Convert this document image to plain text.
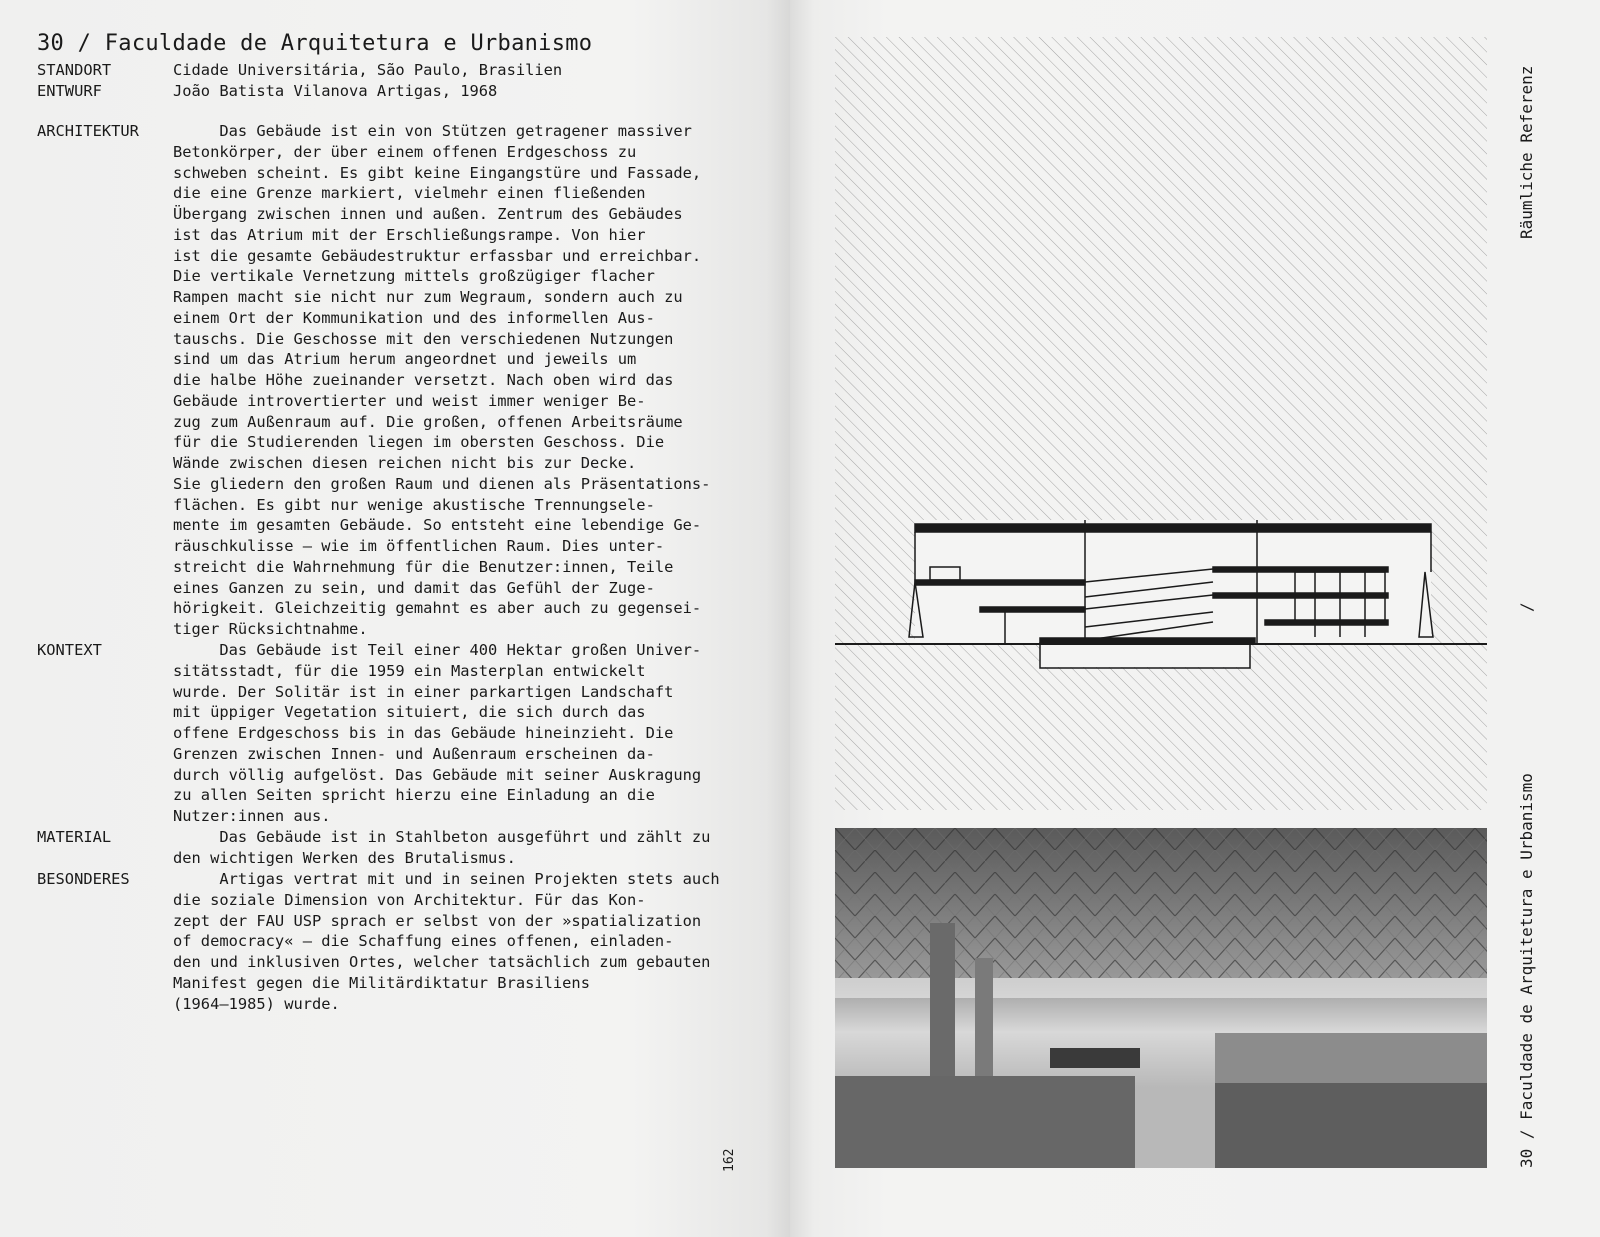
30 / Faculdade de Arquitetura e Urbanismo
STANDORT	Cidade Universitária, São Paulo, Brasilien
ENTWURF	João Batista Vilanova Artigas, 1968
ARCHITEKTUR Das Gebäude ist ein von Stützen getragener massiver
Betonkörper, der über einem offenen Erdgeschoss zu
schweben scheint. Es gibt keine Eingangstüre und Fassade,
die eine Grenze markiert, vielmehr einen fließenden
Übergang zwischen innen und außen. Zentrum des Gebäudes
ist das Atrium mit der Erschließungsrampe. Von hier
ist die gesamte Gebäudestruktur erfassbar und erreichbar.
Die vertikale Vernetzung mittels großzügiger flacher
Rampen macht sie nicht nur zum Wegraum, sondern auch zu
einem Ort der Kommunikation und des informellen Aus-
tauschs. Die Geschosse mit den verschiedenen Nutzungen
sind um das Atrium herum angeordnet und jeweils um
die halbe Höhe zueinander versetzt. Nach oben wird das
Gebäude introvertierter und weist immer weniger Be-
zug zum Außenraum auf. Die großen, offenen Arbeitsräume
für die Studierenden liegen im obersten Geschoss. Die
Wände zwischen diesen reichen nicht bis zur Decke.
Sie gliedern den großen Raum und dienen als Präsentations-
flächen. Es gibt nur wenige akustische Trennungsele-
mente im gesamten Gebäude. So entsteht eine lebendige Ge-
räuschkulisse – wie im öffentlichen Raum. Dies unter-
streicht die Wahrnehmung für die Benutzer:innen, Teile
eines Ganzen zu sein, und damit das Gefühl der Zuge-
hörigkeit. Gleichzeitig gemahnt es aber auch zu gegensei-
tiger Rücksichtnahme.
KONTEXT	Das Gebäude ist Teil einer 400 Hektar großen Univer-
sitätsstadt, für die 1959 ein Masterplan entwickelt
wurde. Der Solitär ist in einer parkartigen Landschaft
mit üppiger Vegetation situiert, die sich durch das
offene Erdgeschoss bis in das Gebäude hineinzieht. Die
Grenzen zwischen Innen- und Außenraum erscheinen da-
durch völlig aufgelöst. Das Gebäude mit seiner Auskragung
zu allen Seiten spricht hierzu eine Einladung an die
Nutzer:innen aus.
MATERIAL	Das Gebäude ist in Stahlbeton ausgeführt und zählt zu
den wichtigen Werken des Brutalismus.
BESONDERES	Artigas vertrat mit und in seinen Projekten stets auch
die soziale Dimension von Architektur. Für das Kon-
zept der FAU USP sprach er selbst von der »spatialization
of democracy« – die Schaffung eines offenen, einladen-
den und inklusiven Ortes, welcher tatsächlich zum gebauten
Manifest gegen die Militärdiktatur Brasiliens
(1964–1985) wurde.
162
Räumliche Referenz
/
30 / Faculdade de Arquitetura e Urbanismo
